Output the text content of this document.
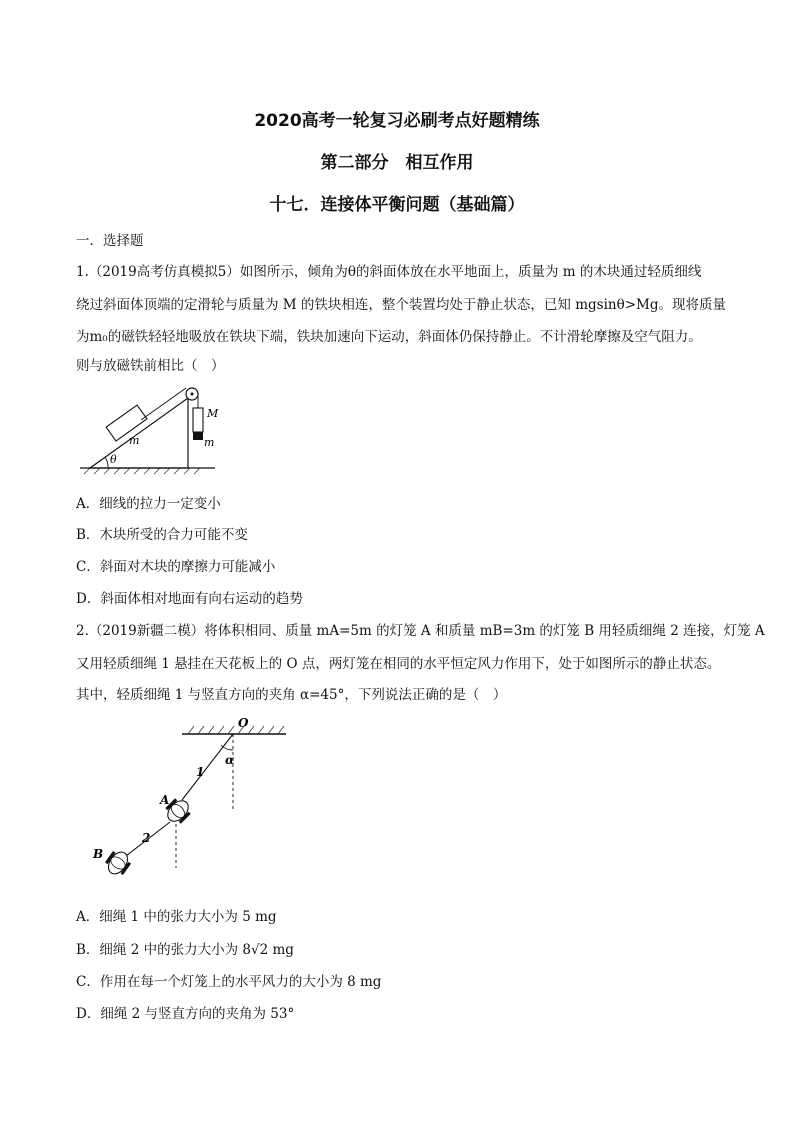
2020高考一轮复习必刷考点好题精练
第二部分　相互作用
十七．连接体平衡问题（基础篇）
一．选择题
1.（2019高考仿真模拟5）如图所示，倾角为θ的斜面体放在水平地面上，质量为 m 的木块通过轻质细线
绕过斜面体顶端的定滑轮与质量为 M 的铁块相连，整个装置均处于静止状态，已知 mgsinθ>Mg。现将质量
为m₀的磁铁轻轻地吸放在铁块下端，铁块加速向下运动，斜面体仍保持静止。不计滑轮摩擦及空气阻力。
则与放磁铁前相比（　）
θ
m
M
m
A．细线的拉力一定变小
B．木块所受的合力可能不变
C．斜面对木块的摩擦力可能减小
D．斜面体相对地面有向右运动的趋势
2.（2019新疆二模）将体积相同、质量 mA=5m 的灯笼 A 和质量 mB=3m 的灯笼 B 用轻质细绳 2 连接，灯笼 A
又用轻质细绳 1 悬挂在天花板上的 O 点，两灯笼在相同的水平恒定风力作用下，处于如图所示的静止状态。
其中，轻质细绳 1 与竖直方向的夹角 α=45°，下列说法正确的是（　）
O
α
1
A
2
B
A．细绳 1 中的张力大小为 5 mg
B．细绳 2 中的张力大小为 8√2 mg
C．作用在每一个灯笼上的水平风力的大小为 8 mg
D．细绳 2 与竖直方向的夹角为 53°
